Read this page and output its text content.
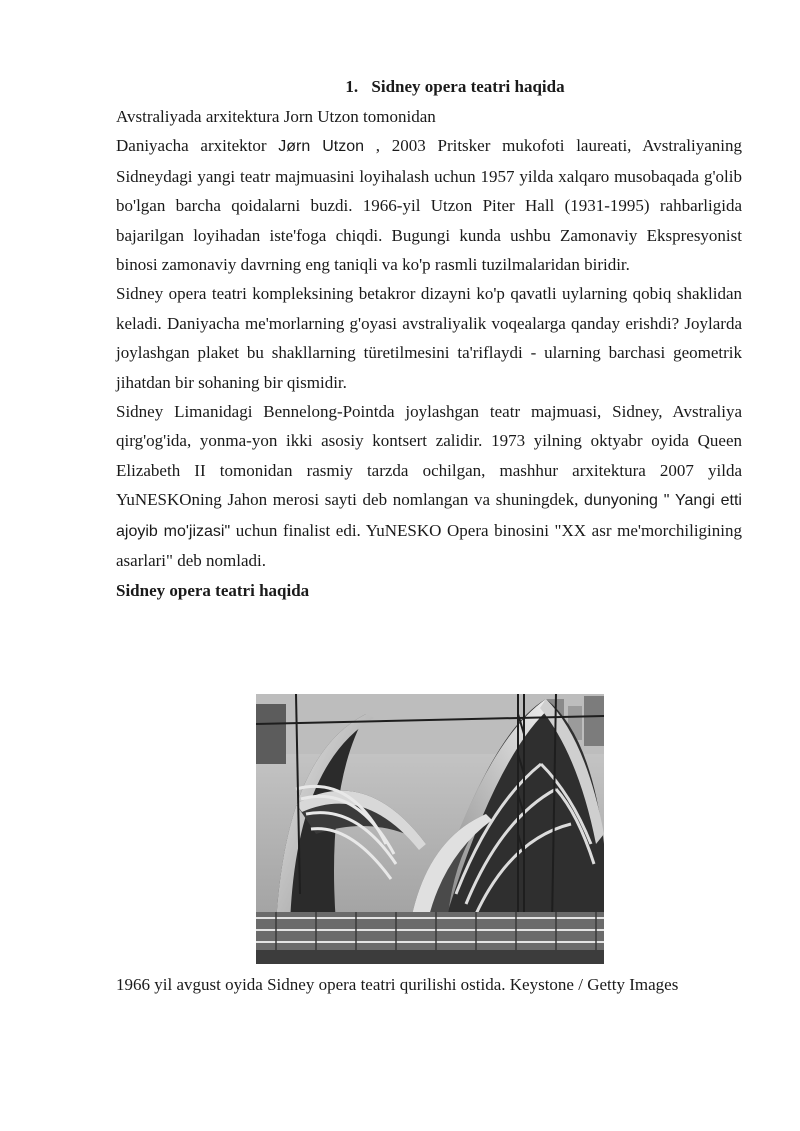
1. Sidney opera teatri haqida
Avstraliyada arxitektura Jorn Utzon tomonidan

Daniyacha arxitektor Jørn Utzon , 2003 Pritsker mukofoti laureati, Avstraliyaning Sidneydagi yangi teatr majmuasini loyihalash uchun 1957 yilda xalqaro musobaqada g'olib bo'lgan barcha qoidalarni buzdi. 1966-yil Utzon Piter Hall (1931-1995) rahbarligida bajarilgan loyihadan iste'foga chiqdi. Bugungi kunda ushbu Zamonaviy Ekspresyonist binosi zamonaviy davrning eng taniqli va ko'p rasmli tuzilmalaridan biridir.

Sidney opera teatri kompleksining betakror dizayni ko'p qavatli uylarning qobiq shaklidan keladi. Daniyacha me'morlarning g'oyasi avstraliyalik voqealarga qanday erishdi? Joylarda joylashgan plaket bu shakllarning türetilmesini ta'riflaydi - ularning barchasi geometrik jihatdan bir sohaning bir qismidir.

Sidney Limanidagi Bennelong-Pointda joylashgan teatr majmuasi, Sidney, Avstraliya qirg'og'ida, yonma-yon ikki asosiy kontsert zalidir. 1973 yilning oktyabr oyida Queen Elizabeth II tomonidan rasmiy tarzda ochilgan, mashhur arxitektura 2007 yilda YuNESKOning Jahon merosi sayti deb nomlangan va shuningdek, dunyoning " Yangi etti ajoyib mo'jizasi" uchun finalist edi. YuNESKO Opera binosini "XX asr me'morchiligining asarlari" deb nomladi.

Sidney opera teatri haqida
1966 yil avgust oyida Sidney opera teatri qurilishi ostida. Keystone / Getty Images
